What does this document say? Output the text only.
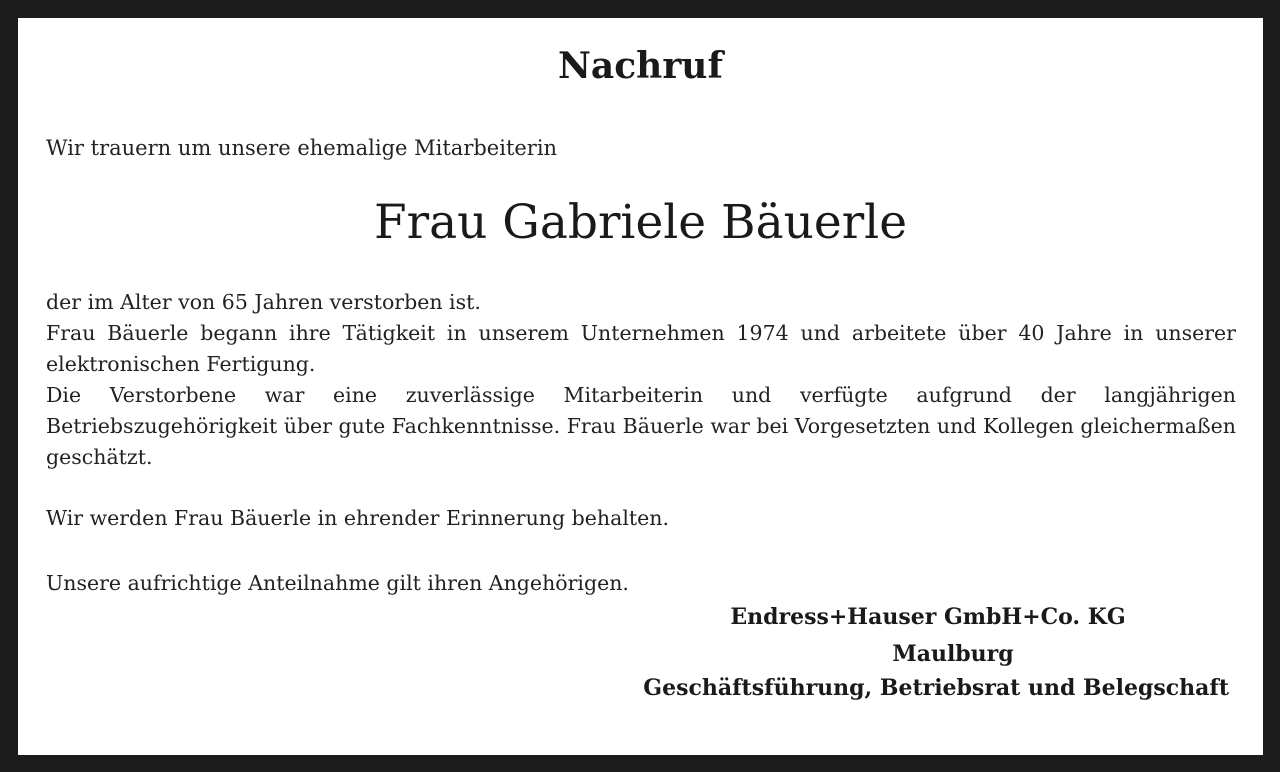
Nachruf
Wir trauern um unsere ehemalige Mitarbeiterin
Frau Gabriele Bäuerle

der im Alter von 65 Jahren verstorben ist.

Frau Bäuerle begann ihre Tätigkeit in unserem Unternehmen 1974 und arbeitete über 40 Jahre in unserer elektronischen Fertigung.

Die Verstorbene war eine zuverlässige Mitarbeiterin und verfügte aufgrund der langjährigen Betriebszugehörigkeit über gute Fachkenntnisse. Frau Bäuerle war bei Vorgesetzten und Kollegen gleichermaßen geschätzt.

Wir werden Frau Bäuerle in ehrender Erinnerung behalten.
Unsere aufrichtige Anteilnahme gilt ihren Angehörigen.
Endress+Hauser GmbH+Co. KG
Maulburg
Geschäftsführung, Betriebsrat und Belegschaft
